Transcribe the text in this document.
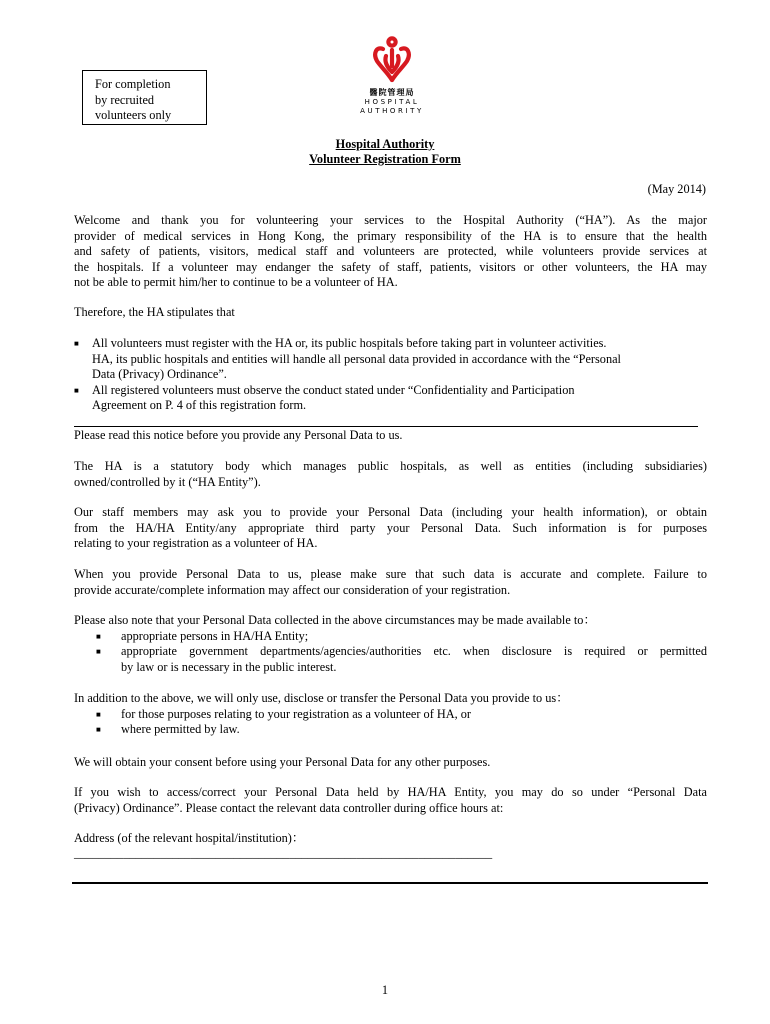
For completion
by recruited
volunteers only
醫院管理局
HOSPITAL
AUTHORITY
Hospital Authority
Volunteer Registration Form
(May 2014)

Welcome and thank you for volunteering your services to the Hospital Authority (“HA”). As the major

provider of medical services in Hong Kong, the primary responsibility of the HA is to ensure that the health

and safety of patients, visitors, medical staff and volunteers are protected, while volunteers provide services at

the hospitals. If a volunteer may endanger the safety of staff, patients, visitors or other volunteers, the HA may

not be able to permit him/her to continue to be a volunteer of HA.

Therefore, the HA stipulates that
■ All volunteers must register with the HA or, its public hospitals before taking part in volunteer activities.
HA, its public hospitals and entities will handle all personal data provided in accordance with the “Personal
Data (Privacy) Ordinance”.
■ All registered volunteers must observe the conduct stated under “Confidentiality and Participation
Agreement on P. 4 of this registration form.
Please read this notice before you provide any Personal Data to us.

The HA is a statutory body which manages public hospitals, as well as entities (including subsidiaries)

owned/controlled by it (“HA Entity”).

Our staff members may ask you to provide your Personal Data (including your health information), or obtain

from the HA/HA Entity/any appropriate third party your Personal Data. Such information is for purposes

relating to your registration as a volunteer of HA.

When you provide Personal Data to us, please make sure that such data is accurate and complete. Failure to

provide accurate/complete information may affect our consideration of your registration.

Please also note that your Personal Data collected in the above circumstances may be made available to：

■ appropriate persons in HA/HA Entity;
■ appropriate government departments/agencies/authorities etc. when disclosure is required or permitted
by law or is necessary in the public interest.

In addition to the above, we will only use, disclose or transfer the Personal Data you provide to us：

■ for those purposes relating to your registration as a volunteer of HA, or
■ where permitted by law.
We will obtain your consent before using your Personal Data for any other purposes.

If you wish to access/correct your Personal Data held by HA/HA Entity, you may do so under “Personal Data

(Privacy) Ordinance”. Please contact the relevant data controller during office hours at:

Address (of the relevant hospital/institution)：
____________________________________________________________________
1
